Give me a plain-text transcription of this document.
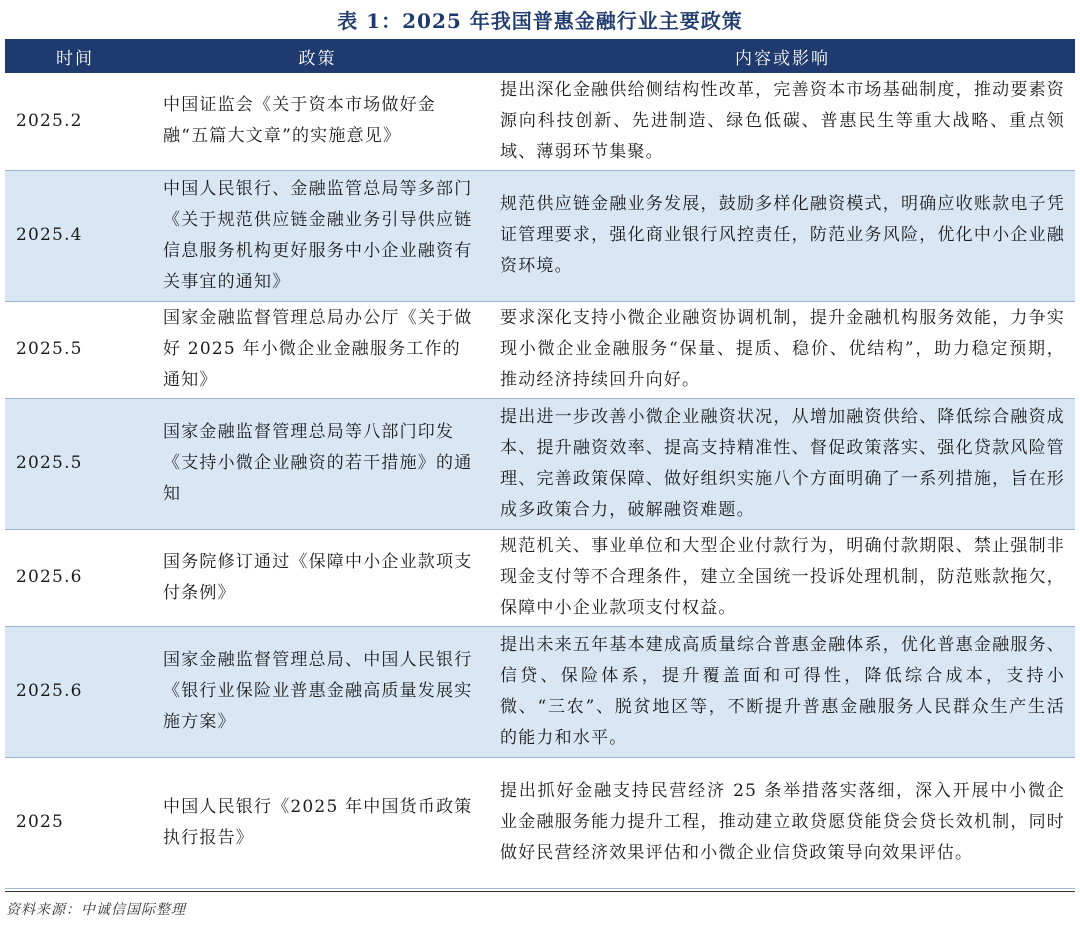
表 1：2025 年我国普惠金融行业主要政策
时间	政策	内容或影响
2025.2	中国证监会《关于资本市场做好金融“五篇大文章”的实施意见》	提出深化金融供给侧结构性改革，完善资本市场基础制度，推动要素资源向科技创新、先进制造、绿色低碳、普惠民生等重大战略、重点领域、薄弱环节集聚。
2025.4	中国人民银行、金融监管总局等多部门《关于规范供应链金融业务引导供应链信息服务机构更好服务中小企业融资有关事宜的通知》	规范供应链金融业务发展，鼓励多样化融资模式，明确应收账款电子凭证管理要求，强化商业银行风控责任，防范业务风险，优化中小企业融资环境。
2025.5	国家金融监督管理总局办公厅《关于做好 2025 年小微企业金融服务工作的通知》	要求深化支持小微企业融资协调机制，提升金融机构服务效能，力争实现小微企业金融服务“保量、提质、稳价、优结构”，助力稳定预期，推动经济持续回升向好。
2025.5	国家金融监督管理总局等八部门印发《支持小微企业融资的若干措施》的通知	提出进一步改善小微企业融资状况，从增加融资供给、降低综合融资成本、提升融资效率、提高支持精准性、督促政策落实、强化贷款风险管理、完善政策保障、做好组织实施八个方面明确了一系列措施，旨在形成多政策合力，破解融资难题。
2025.6	国务院修订通过《保障中小企业款项支付条例》	规范机关、事业单位和大型企业付款行为，明确付款期限、禁止强制非现金支付等不合理条件，建立全国统一投诉处理机制，防范账款拖欠，保障中小企业款项支付权益。
2025.6	国家金融监督管理总局、中国人民银行《银行业保险业普惠金融高质量发展实施方案》	提出未来五年基本建成高质量综合普惠金融体系，优化普惠金融服务、信贷、保险体系，提升覆盖面和可得性，降低综合成本，支持小微、“三农”、脱贫地区等，不断提升普惠金融服务人民群众生产生活的能力和水平。
2025	中国人民银行《2025 年中国货币政策执行报告》	提出抓好金融支持民营经济 25 条举措落实落细，深入开展中小微企业金融服务能力提升工程，推动建立敢贷愿贷能贷会贷长效机制，同时做好民营经济效果评估和小微企业信贷政策导向效果评估。
资料来源：中诚信国际整理
